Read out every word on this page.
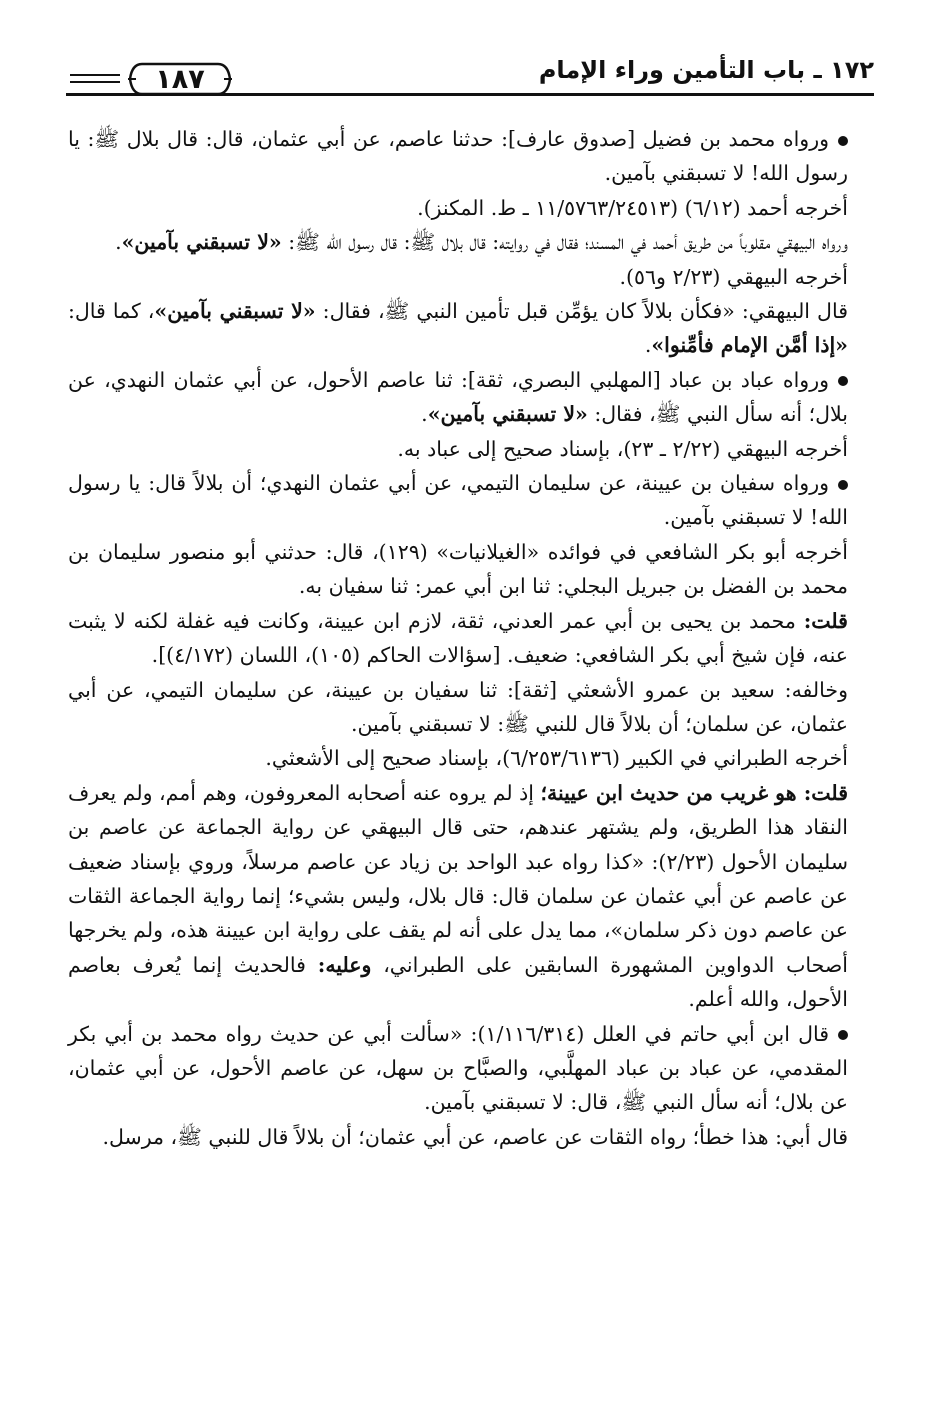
١٧٢ ـ باب التأمين وراء الإمام
١٨٧

ورواه محمد بن فضيل [صدوق عارف]: حدثنا عاصم، عن أبي عثمان، قال: قال بلال ﷺ: يا رسول الله! لا تسبقني بآمين.

أخرجه أحمد (٦/١٢) (١١/٥٧٦٣/٢٤٥١٣ ـ ط. المكنز).

ورواه البيهقي مقلوباً من طريق أحمد في المسند؛ فقال في روايته: قال بلال ﷺ: قال رسول الله ﷺ: «لا تسبقني بآمين».

أخرجه البيهقي (٢/٢٣ و٥٦).

قال البيهقي: «فكأن بلالاً كان يؤمِّن قبل تأمين النبي ﷺ، فقال: «لا تسبقني بآمين»، كما قال: «إذا أمَّن الإمام فأمِّنوا».

ورواه عباد بن عباد [المهلبي البصري، ثقة]: ثنا عاصم الأحول، عن أبي عثمان النهدي، عن بلال؛ أنه سأل النبي ﷺ، فقال: «لا تسبقني بآمين».

أخرجه البيهقي (٢/٢٢ ـ ٢٣)، بإسناد صحيح إلى عباد به.

ورواه سفيان بن عيينة، عن سليمان التيمي، عن أبي عثمان النهدي؛ أن بلالاً قال: يا رسول الله! لا تسبقني بآمين.

أخرجه أبو بكر الشافعي في فوائده «الغيلانيات» (١٢٩)، قال: حدثني أبو منصور سليمان بن محمد بن الفضل بن جبريل البجلي: ثنا ابن أبي عمر: ثنا سفيان به.

قلت: محمد بن يحيى بن أبي عمر العدني، ثقة، لازم ابن عيينة، وكانت فيه غفلة لكنه لا يثبت عنه، فإن شيخ أبي بكر الشافعي: ضعيف. [سؤالات الحاكم (١٠٥)، اللسان (٤/١٧٢)].

وخالفه: سعيد بن عمرو الأشعثي [ثقة]: ثنا سفيان بن عيينة، عن سليمان التيمي، عن أبي عثمان، عن سلمان؛ أن بلالاً قال للنبي ﷺ: لا تسبقني بآمين.

أخرجه الطبراني في الكبير (٦/٢٥٣/٦١٣٦)، بإسناد صحيح إلى الأشعثي.

قلت: هو غريب من حديث ابن عيينة؛ إذ لم يروه عنه أصحابه المعروفون، وهم أمم، ولم يعرف النقاد هذا الطريق، ولم يشتهر عندهم، حتى قال البيهقي عن رواية الجماعة عن عاصم بن سليمان الأحول (٢/٢٣): «كذا رواه عبد الواحد بن زياد عن عاصم مرسلاً، وروي بإسناد ضعيف عن عاصم عن أبي عثمان عن سلمان قال: قال بلال، وليس بشيء؛ إنما رواية الجماعة الثقات عن عاصم دون ذكر سلمان»، مما يدل على أنه لم يقف على رواية ابن عيينة هذه، ولم يخرجها أصحاب الدواوين المشهورة السابقين على الطبراني، وعليه: فالحديث إنما يُعرف بعاصم الأحول، والله أعلم.

قال ابن أبي حاتم في العلل (١/١١٦/٣١٤): «سألت أبي عن حديث رواه محمد بن أبي بكر المقدمي، عن عباد بن عباد المهلَّبي، والصبَّاح بن سهل، عن عاصم الأحول، عن أبي عثمان، عن بلال؛ أنه سأل النبي ﷺ، قال: لا تسبقني بآمين.

قال أبي: هذا خطأ؛ رواه الثقات عن عاصم، عن أبي عثمان؛ أن بلالاً قال للنبي ﷺ، مرسل.
